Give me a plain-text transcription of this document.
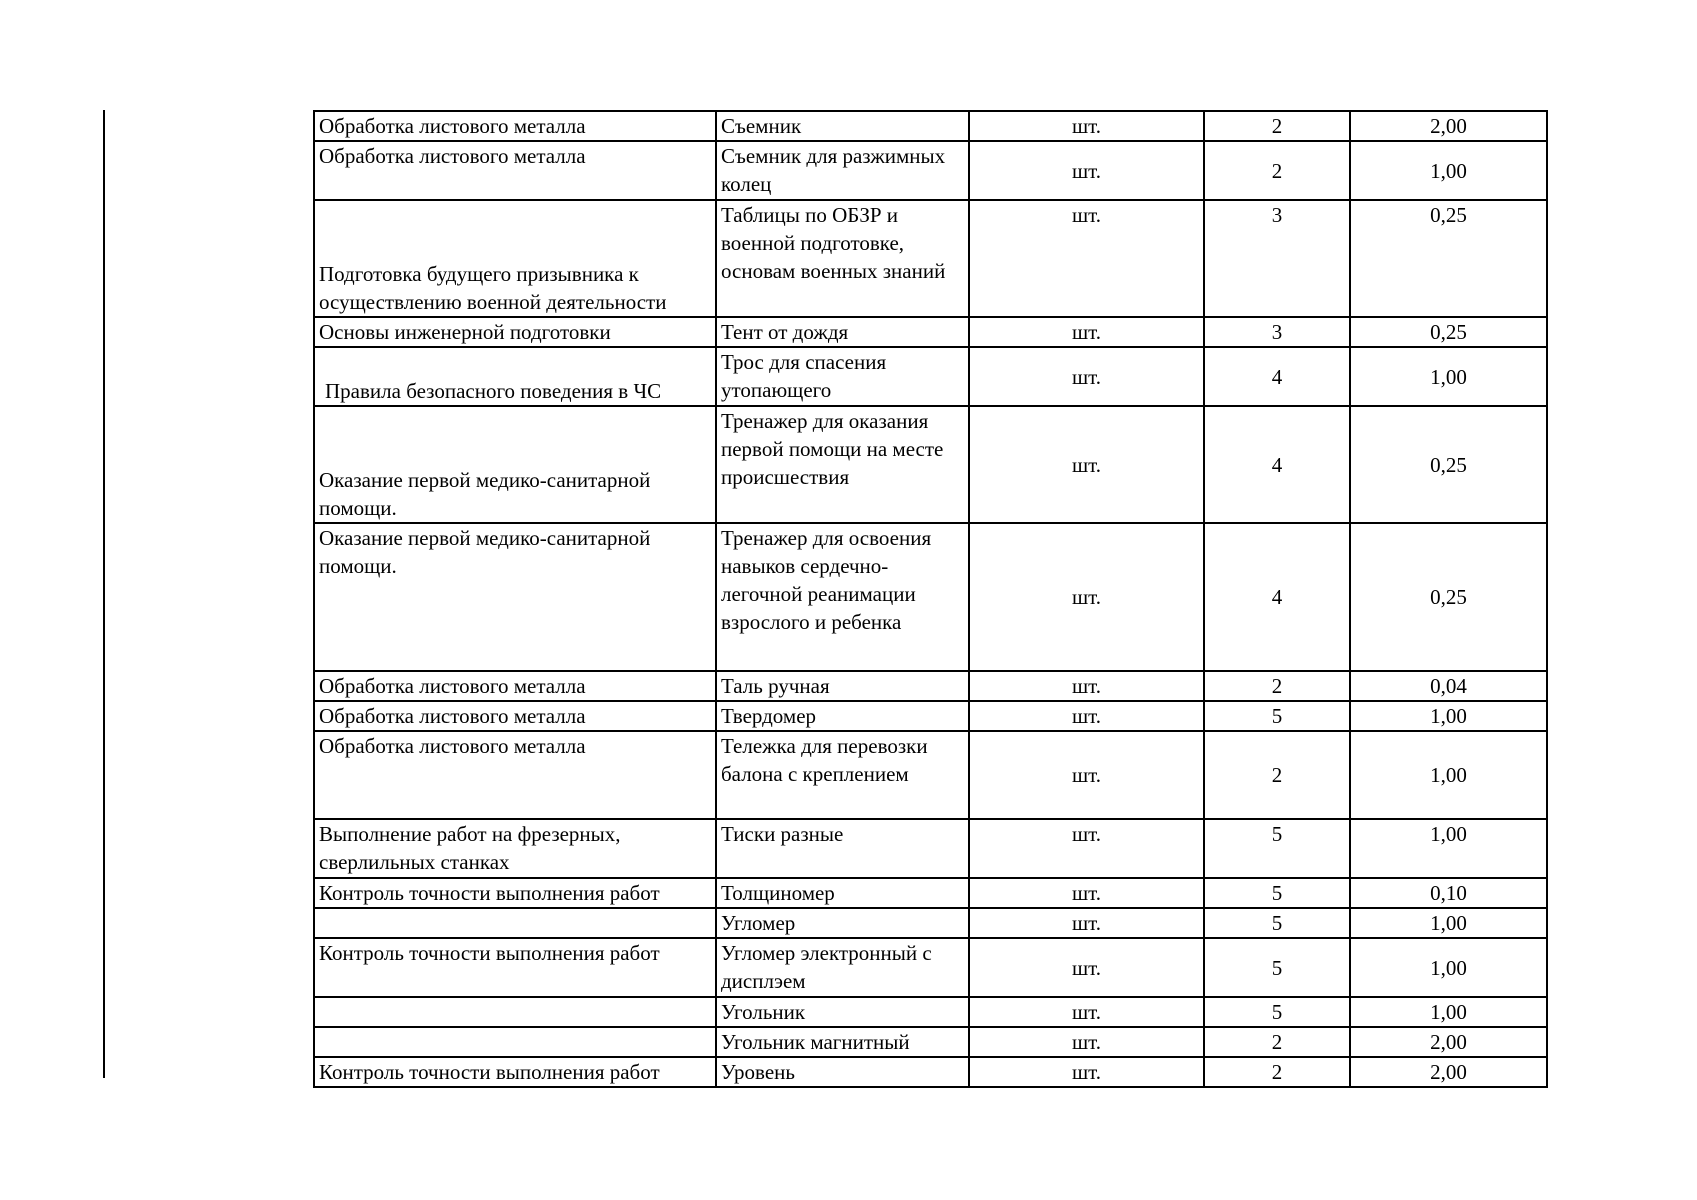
Обработка листового металла	Съемник	шт.	2	2,00
Обработка листового металла	Съемник для разжимных колец	шт.	2	1,00
Подготовка будущего призывника к осуществлению военной деятельности	Таблицы по ОБЗР и военной подготовке, основам военных знаний	шт.	3	0,25
Основы инженерной подготовки	Тент от дождя	шт.	3	0,25
Правила безопасного поведения в ЧС	Трос для спасения утопающего	шт.	4	1,00
Оказание первой медико-санитарной помощи.	Тренажер для оказания первой помощи на месте происшествия	шт.	4	0,25
Оказание первой медико-санитарной помощи.	Тренажер для освоения навыков сердечно-легочной реанимации взрослого и ребенка	шт.	4	0,25
Обработка листового металла	Таль ручная	шт.	2	0,04
Обработка листового металла	Твердомер	шт.	5	1,00
Обработка листового металла	Тележка для перевозки балона с креплением	шт.	2	1,00
Выполнение работ на фрезерных, сверлильных станках	Тиски разные	шт.	5	1,00
Контроль точности выполнения работ	Толщиномер	шт.	5	0,10
	Угломер	шт.	5	1,00
Контроль точности выполнения работ	Угломер электронный с дисплэем	шт.	5	1,00
	Угольник	шт.	5	1,00
	Угольник магнитный	шт.	2	2,00
Контроль точности выполнения работ	Уровень	шт.	2	2,00
